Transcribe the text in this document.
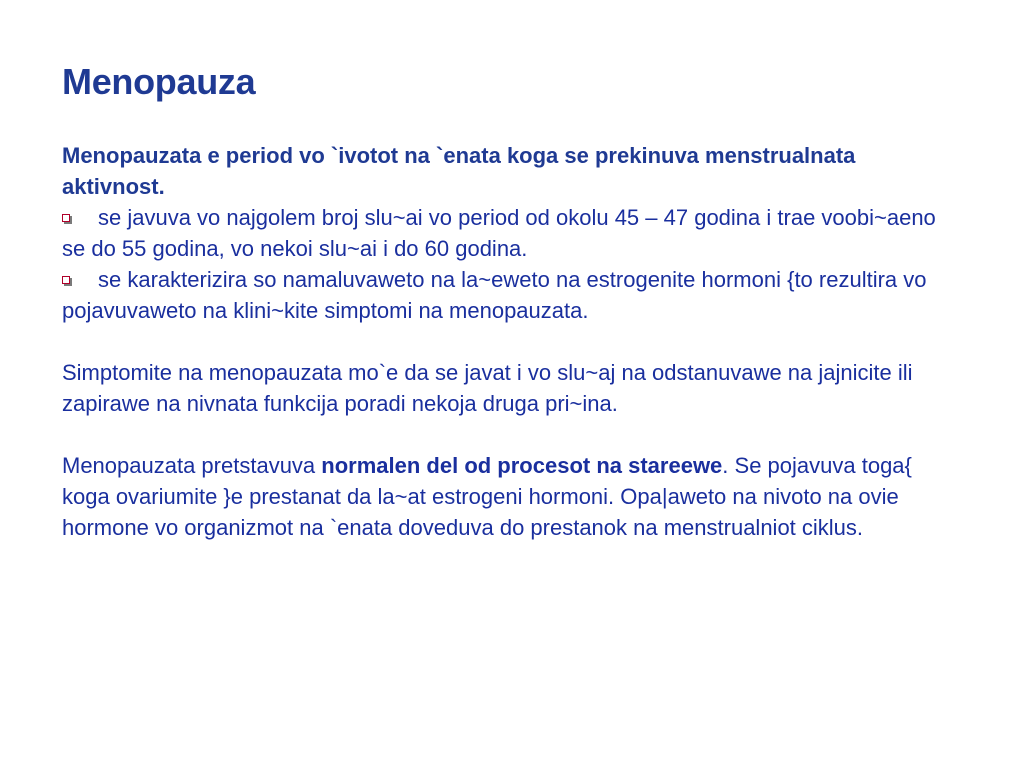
Menopauza

Menopauzata e period vo `ivotot na `enata koga se prekinuva menstrualnata aktivnost.

se javuva vo najgolem broj slu~ai vo period od okolu 45 – 47 godina i trae voobi~aeno se do 55 godina, vo nekoi slu~ai i do 60 godina.

se karakterizira so namaluvaweto na la~eweto na estrogenite hormoni {to rezultira vo pojavuvaweto na klini~kite simptomi na menopauzata.

Simptomite na menopauzata mo`e da se javat i vo slu~aj na odstanuvawe na jajnicite ili zapirawe na nivnata funkcija poradi nekoja druga pri~ina.

Menopauzata pretstavuva normalen del od procesot na stareewe. Se pojavuva toga{ koga ovariumite }e prestanat da la~at estrogeni hormoni. Opa|aweto na nivoto na ovie hormone vo organizmot na `enata doveduva do prestanok na menstrualniot ciklus.
